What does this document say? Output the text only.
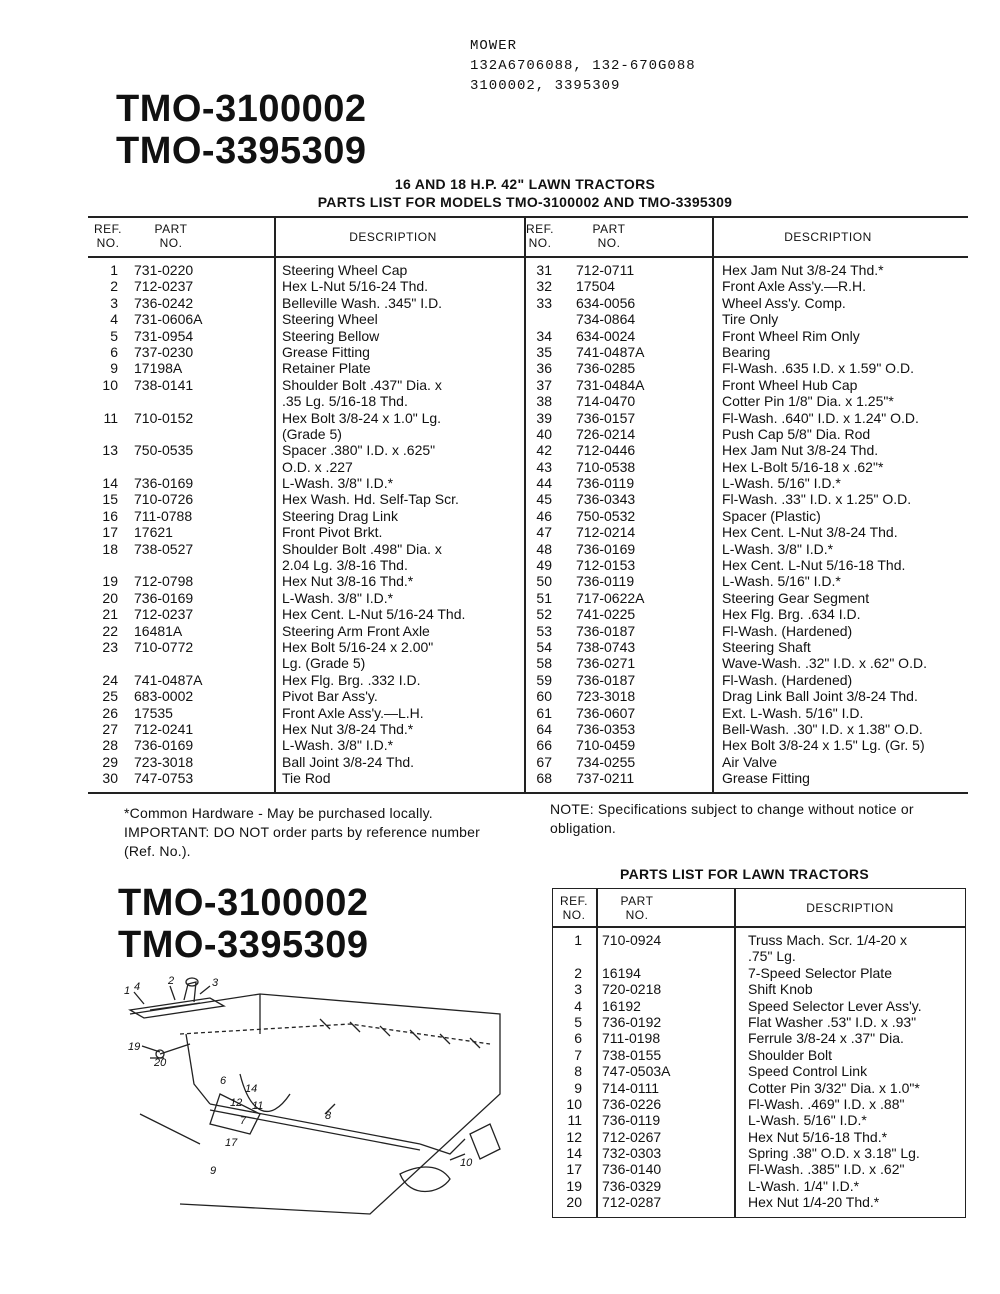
MOWER
132A6706088, 132-670G088
3100002, 3395309
TMO-3100002
TMO-3395309
16 AND 18 H.P. 42" LAWN TRACTORS
PARTS LIST FOR MODELS TMO-3100002 AND TMO-3395309
REF.
NO.
PART
NO.	DESCRIPTION
REF.
NO.
PART
NO.	DESCRIPTION
1 731-0220	Steering Wheel Cap
2 712-0237	Hex L-Nut 5/16-24 Thd.
3 736-0242	Belleville Wash. .345" I.D.
4 731-0606A	Steering Wheel
5 731-0954	Steering Bellow
6 737-0230	Grease Fitting
9 17198A	Retainer Plate
10 738-0141	Shoulder Bolt .437" Dia. x
.35 Lg. 5/16-18 Thd.
11 710-0152	Hex Bolt 3/8-24 x 1.0" Lg.
(Grade 5)
13 750-0535	Spacer .380" I.D. x .625"
O.D. x .227
14 736-0169	L-Wash. 3/8" I.D.*
15 710-0726	Hex Wash. Hd. Self-Tap Scr.
16 711-0788	Steering Drag Link
17 17621	Front Pivot Brkt.
18 738-0527	Shoulder Bolt .498" Dia. x
2.04 Lg. 3/8-16 Thd.
19 712-0798	Hex Nut 3/8-16 Thd.*
20 736-0169	L-Wash. 3/8" I.D.*
21 712-0237	Hex Cent. L-Nut 5/16-24 Thd.
22 16481A	Steering Arm Front Axle
23 710-0772	Hex Bolt 5/16-24 x 2.00"
Lg. (Grade 5)
24 741-0487A	Hex Flg. Brg. .332 I.D.
25 683-0002	Pivot Bar Ass'y.
26 17535	Front Axle Ass'y.—L.H.
27 712-0241	Hex Nut 3/8-24 Thd.*
28 736-0169	L-Wash. 3/8" I.D.*
29 723-3018	Ball Joint 3/8-24 Thd.
30 747-0753	Tie Rod
31 712-0711	Hex Jam Nut 3/8-24 Thd.*
32 17504	Front Axle Ass'y.—R.H.
33 634-0056	Wheel Ass'y. Comp.
734-0864	Tire Only
34 634-0024	Front Wheel Rim Only
35 741-0487A	Bearing
36 736-0285	Fl-Wash. .635 I.D. x 1.59" O.D.
37 731-0484A	Front Wheel Hub Cap
38 714-0470	Cotter Pin 1/8" Dia. x 1.25"*
39 736-0157	Fl-Wash. .640" I.D. x 1.24" O.D.
40 726-0214	Push Cap 5/8" Dia. Rod
42 712-0446	Hex Jam Nut 3/8-24 Thd.
43 710-0538	Hex L-Bolt 5/16-18 x .62"*
44 736-0119	L-Wash. 5/16" I.D.*
45 736-0343	Fl-Wash. .33" I.D. x 1.25" O.D.
46 750-0532	Spacer (Plastic)
47 712-0214	Hex Cent. L-Nut 3/8-24 Thd.
48 736-0169	L-Wash. 3/8" I.D.*
49 712-0153	Hex Cent. L-Nut 5/16-18 Thd.
50 736-0119	L-Wash. 5/16" I.D.*
51 717-0622A	Steering Gear Segment
52 741-0225	Hex Flg. Brg. .634 I.D.
53 736-0187	Fl-Wash. (Hardened)
54 738-0743	Steering Shaft
58 736-0271	Wave-Wash. .32" I.D. x .62" O.D.
59 736-0187	Fl-Wash. (Hardened)
60 723-3018	Drag Link Ball Joint 3/8-24 Thd.
61 736-0607	Ext. L-Wash. 5/16" I.D.
64 736-0353	Bell-Wash. .30" I.D. x 1.38" O.D.
66 710-0459	Hex Bolt 3/8-24 x 1.5" Lg. (Gr. 5)
67 734-0255	Air Valve
68 737-0211	Grease Fitting
*Common Hardware - May be purchased locally. IMPORTANT: DO NOT order parts by reference number (Ref. No.).
NOTE: Specifications subject to change without notice or obligation.
TMO-3100002
TMO-3395309
PARTS LIST FOR LAWN TRACTORS
REF.
NO.
PART
NO.	DESCRIPTION
1 710-0924	Truss Mach. Scr. 1/4-20 x
.75" Lg.
2 16194	7-Speed Selector Plate
3 720-0218	Shift Knob
4 16192	Speed Selector Lever Ass'y.
5 736-0192	Flat Washer .53" I.D. x .93"
6 711-0198	Ferrule 3/8-24 x .37" Dia.
7 738-0155	Shoulder Bolt
8 747-0503A	Speed Control Link
9 714-0111	Cotter Pin 3/32" Dia. x 1.0"*
10 736-0226	Fl-Wash. .469" I.D. x .88"
11 736-0119	L-Wash. 5/16" I.D.*
12 712-0267	Hex Nut 5/16-18 Thd.*
14 732-0303	Spring .38" O.D. x 3.18" Lg.
17 736-0140	Fl-Wash. .385" I.D. x .62"
19 736-0329	L-Wash. 1/4" I.D.*
20 712-0287	Hex Nut 1/4-20 Thd.*
1
2	3
4
6
7	8
9
10
11
12
14
17
19
20
